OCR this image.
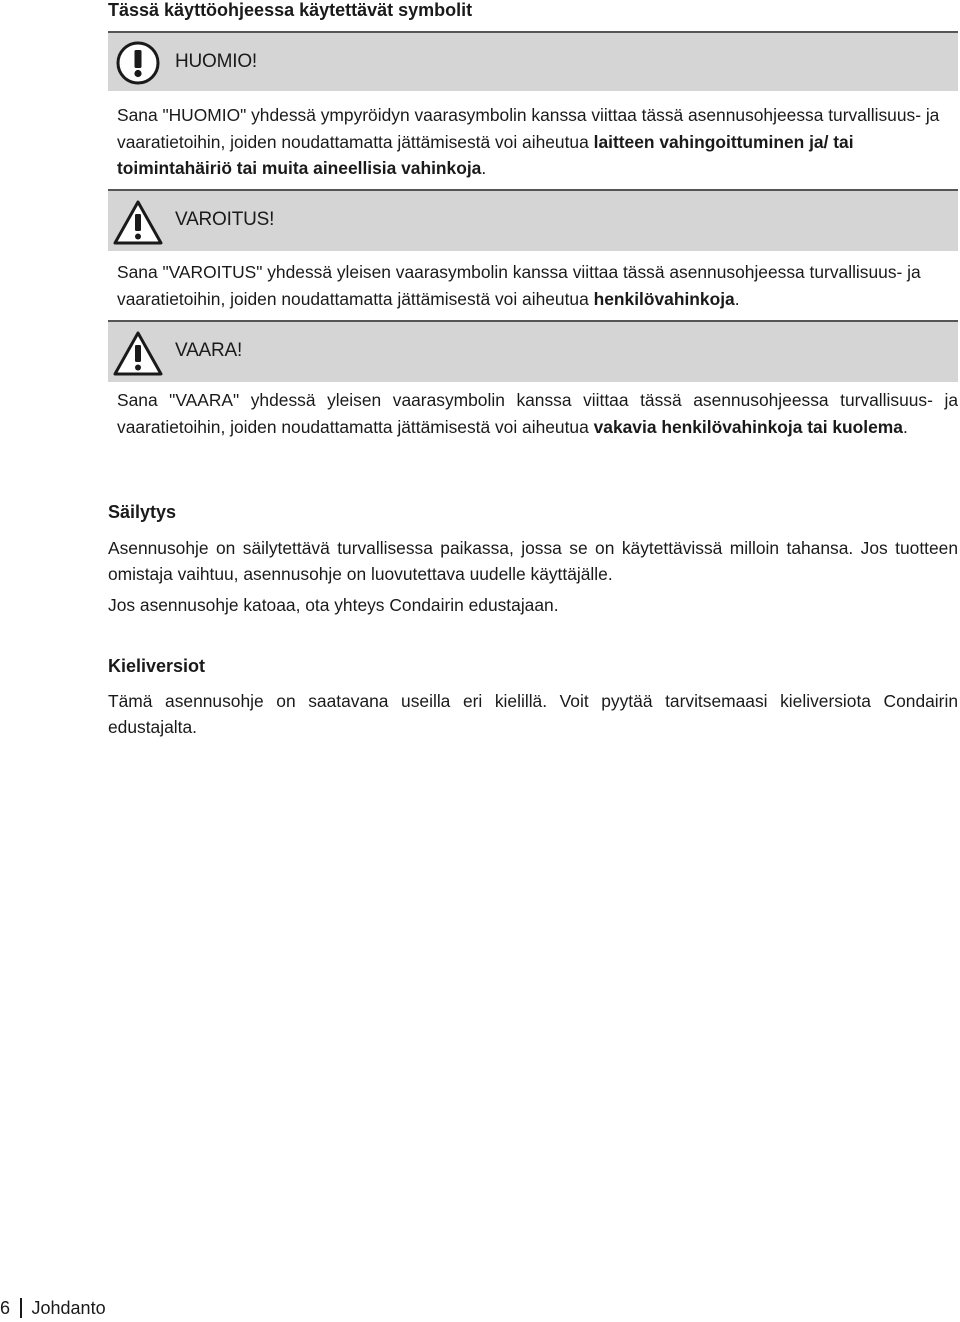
Tässä käyttöohjeessa käytettävät symbolit
HUOMIO!

Sana "HUOMIO" yhdessä ympyröidyn vaarasymbolin kanssa viittaa tässä asennusohjeessa turvallisuus- ja vaaratietoihin, joiden noudattamatta jättämisestä voi aiheutua laitteen vahingoittuminen ja/ tai toimintahäiriö tai muita aineellisia vahinkoja.

VAROITUS!

Sana "VAROITUS" yhdessä yleisen vaarasymbolin kanssa viittaa tässä asennusohjeessa turvallisuus- ja vaaratietoihin, joiden noudattamatta jättämisestä voi aiheutua henkilövahinkoja.

VAARA!

Sana "VAARA" yhdessä yleisen vaarasymbolin kanssa viittaa tässä asennusohjeessa turvallisuus- ja vaaratietoihin, joiden noudattamatta jättämisestä voi aiheutua vakavia henkilövahinkoja tai kuolema.

Säilytys

Asennusohje on säilytettävä turvallisessa paikassa, jossa se on käytettävissä milloin tahansa. Jos tuotteen omistaja vaihtuu, asennusohje on luovutettava uudelle käyttäjälle.

Jos asennusohje katoaa, ota yhteys Condairin edustajaan.

Kieliversiot

Tämä asennusohje on saatavana useilla eri kielillä. Voit pyytää tarvitsemaasi kieliversiota Condairin edustajalta.

6 Johdanto
